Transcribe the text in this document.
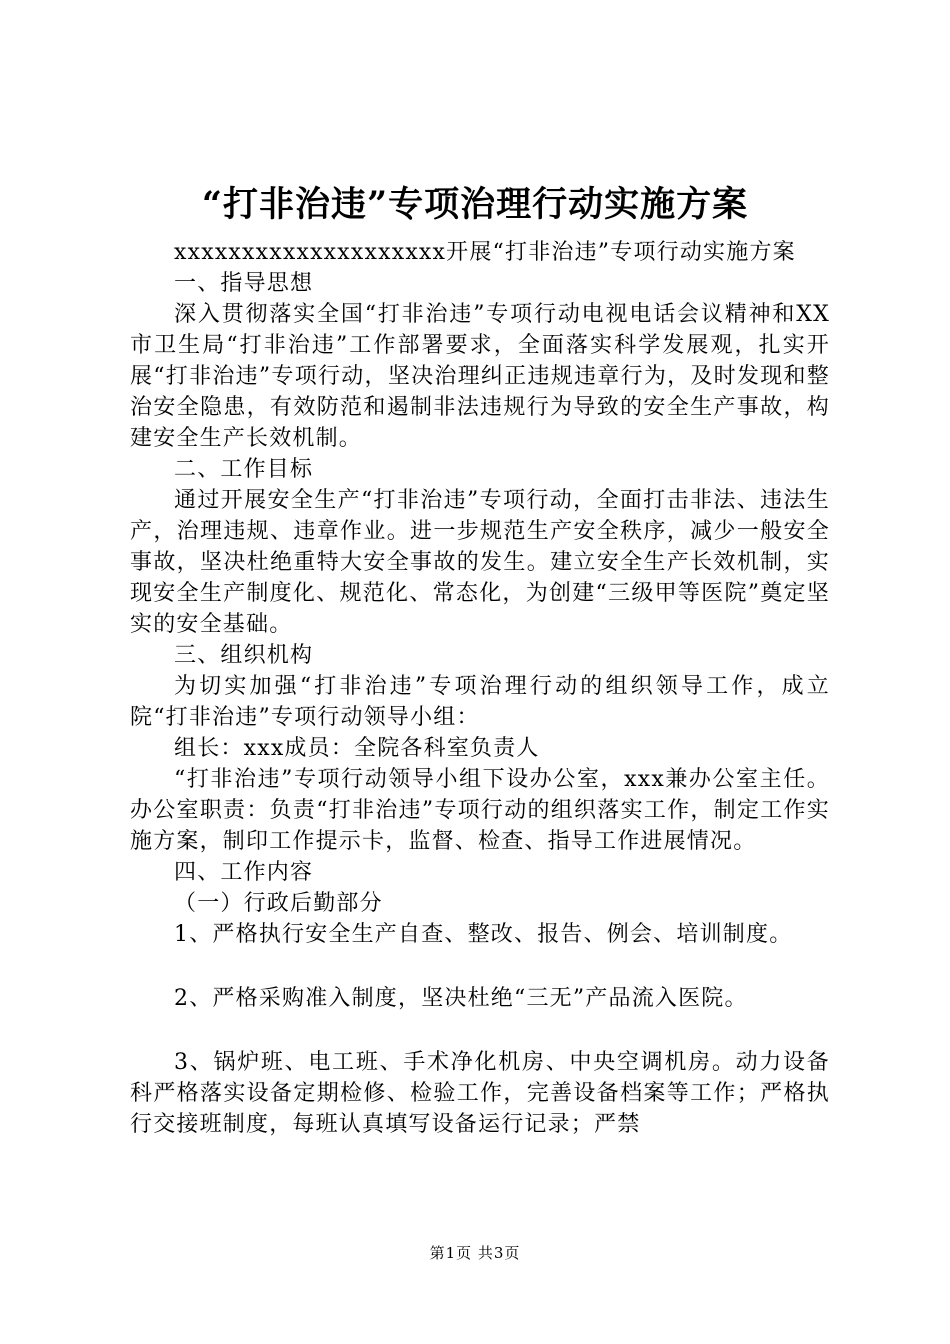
“打非治违”专项治理行动实施方案

xxxxxxxxxxxxxxxxxxxx开展“打非治违”专项行动实施方案

一、指导思想

深入贯彻落实全国“打非治违”专项行动电视电话会议精神和XX市卫生局“打非治违”工作部署要求，全面落实科学发展观，扎实开展“打非治违”专项行动，坚决治理纠正违规违章行为，及时发现和整治安全隐患，有效防范和遏制非法违规行为导致的安全生产事故，构建安全生产长效机制。

二、工作目标

通过开展安全生产“打非治违”专项行动，全面打击非法、违法生产，治理违规、违章作业。进一步规范生产安全秩序，减少一般安全事故，坚决杜绝重特大安全事故的发生。建立安全生产长效机制，实现安全生产制度化、规范化、常态化，为创建“三级甲等医院”奠定坚实的安全基础。

三、组织机构

为切实加强“打非治违”专项治理行动的组织领导工作，成立院“打非治违”专项行动领导小组：

组长：xxx成员：全院各科室负责人

“打非治违”专项行动领导小组下设办公室，xxx兼办公室主任。办公室职责：负责“打非治违”专项行动的组织落实工作，制定工作实施方案，制印工作提示卡，监督、检查、指导工作进展情况。

四、工作内容

（一）行政后勤部分

1、严格执行安全生产自查、整改、报告、例会、培训制度。

2、严格采购准入制度，坚决杜绝“三无”产品流入医院。

3、锅炉班、电工班、手术净化机房、中央空调机房。动力设备科严格落实设备定期检修、检验工作，完善设备档案等工作；严格执行交接班制度，每班认真填写设备运行记录；严禁

第1页 共3页
